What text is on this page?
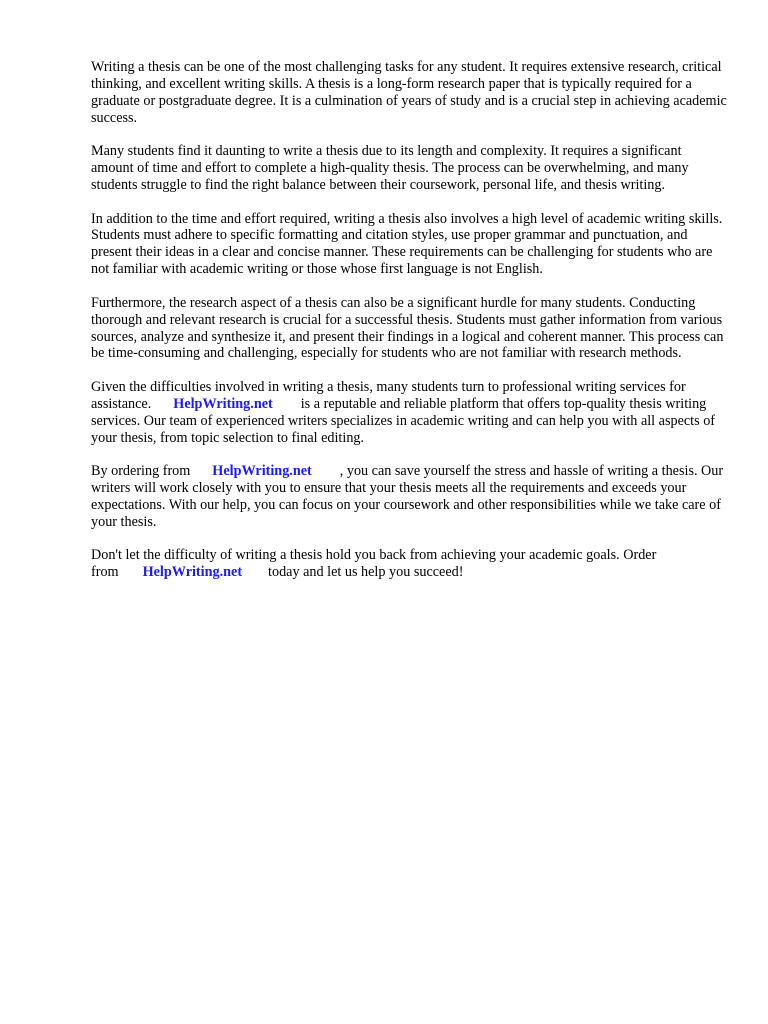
Writing a thesis can be one of the most challenging tasks for any student. It requires extensive research, critical thinking, and excellent writing skills. A thesis is a long-form research paper that is typically required for a graduate or postgraduate degree. It is a culmination of years of study and is a crucial step in achieving academic success.

Many students find it daunting to write a thesis due to its length and complexity. It requires a significant amount of time and effort to complete a high-quality thesis. The process can be overwhelming, and many students struggle to find the right balance between their coursework, personal life, and thesis writing.

In addition to the time and effort required, writing a thesis also involves a high level of academic writing skills. Students must adhere to specific formatting and citation styles, use proper grammar and punctuation, and present their ideas in a clear and concise manner. These requirements can be challenging for students who are not familiar with academic writing or those whose first language is not English.

Furthermore, the research aspect of a thesis can also be a significant hurdle for many students. Conducting thorough and relevant research is crucial for a successful thesis. Students must gather information from various sources, analyze and synthesize it, and present their findings in a logical and coherent manner. This process can be time-consuming and challenging, especially for students who are not familiar with research methods.

Given the difficulties involved in writing a thesis, many students turn to professional writing services for assistance. HelpWriting.net is a reputable and reliable platform that offers top-quality thesis writing services. Our team of experienced writers specializes in academic writing and can help you with all aspects of your thesis, from topic selection to final editing.

By ordering from HelpWriting.net , you can save yourself the stress and hassle of writing a thesis. Our writers will work closely with you to ensure that your thesis meets all the requirements and exceeds your expectations. With our help, you can focus on your coursework and other responsibilities while we take care of your thesis.

Don't let the difficulty of writing a thesis hold you back from achieving your academic goals. Order from HelpWriting.net today and let us help you succeed!
